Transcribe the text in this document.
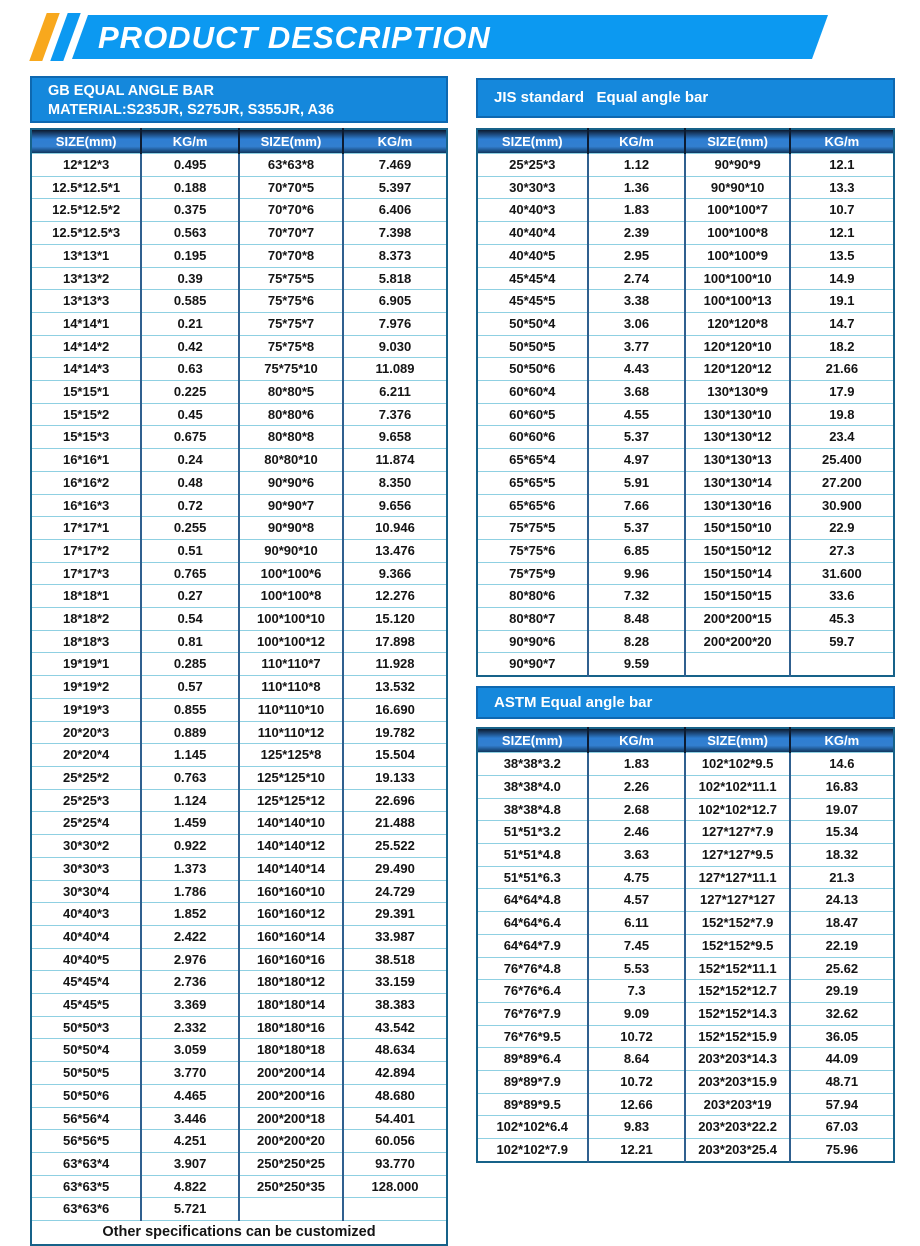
PRODUCT DESCRIPTION
GB EQUAL ANGLE BAR
MATERIAL:S235JR, S275JR, S355JR, A36
SIZE(mm)	KG/m	SIZE(mm)	KG/m
12*12*3	0.495	63*63*8	7.469
12.5*12.5*1	0.188	70*70*5	5.397
12.5*12.5*2	0.375	70*70*6	6.406
12.5*12.5*3	0.563	70*70*7	7.398
13*13*1	0.195	70*70*8	8.373
13*13*2	0.39	75*75*5	5.818
13*13*3	0.585	75*75*6	6.905
14*14*1	0.21	75*75*7	7.976
14*14*2	0.42	75*75*8	9.030
14*14*3	0.63	75*75*10	11.089
15*15*1	0.225	80*80*5	6.211
15*15*2	0.45	80*80*6	7.376
15*15*3	0.675	80*80*8	9.658
16*16*1	0.24	80*80*10	11.874
16*16*2	0.48	90*90*6	8.350
16*16*3	0.72	90*90*7	9.656
17*17*1	0.255	90*90*8	10.946
17*17*2	0.51	90*90*10	13.476
17*17*3	0.765	100*100*6	9.366
18*18*1	0.27	100*100*8	12.276
18*18*2	0.54	100*100*10	15.120
18*18*3	0.81	100*100*12	17.898
19*19*1	0.285	110*110*7	11.928
19*19*2	0.57	110*110*8	13.532
19*19*3	0.855	110*110*10	16.690
20*20*3	0.889	110*110*12	19.782
20*20*4	1.145	125*125*8	15.504
25*25*2	0.763	125*125*10	19.133
25*25*3	1.124	125*125*12	22.696
25*25*4	1.459	140*140*10	21.488
30*30*2	0.922	140*140*12	25.522
30*30*3	1.373	140*140*14	29.490
30*30*4	1.786	160*160*10	24.729
40*40*3	1.852	160*160*12	29.391
40*40*4	2.422	160*160*14	33.987
40*40*5	2.976	160*160*16	38.518
45*45*4	2.736	180*180*12	33.159
45*45*5	3.369	180*180*14	38.383
50*50*3	2.332	180*180*16	43.542
50*50*4	3.059	180*180*18	48.634
50*50*5	3.770	200*200*14	42.894
50*50*6	4.465	200*200*16	48.680
56*56*4	3.446	200*200*18	54.401
56*56*5	4.251	200*200*20	60.056
63*63*4	3.907	250*250*25	93.770
63*63*5	4.822	250*250*35	128.000
63*63*6	5.721		
Other specifications can be customized			
JIS standard   Equal angle bar
SIZE(mm)	KG/m	SIZE(mm)	KG/m
25*25*3	1.12	90*90*9	12.1
30*30*3	1.36	90*90*10	13.3
40*40*3	1.83	100*100*7	10.7
40*40*4	2.39	100*100*8	12.1
40*40*5	2.95	100*100*9	13.5
45*45*4	2.74	100*100*10	14.9
45*45*5	3.38	100*100*13	19.1
50*50*4	3.06	120*120*8	14.7
50*50*5	3.77	120*120*10	18.2
50*50*6	4.43	120*120*12	21.66
60*60*4	3.68	130*130*9	17.9
60*60*5	4.55	130*130*10	19.8
60*60*6	5.37	130*130*12	23.4
65*65*4	4.97	130*130*13	25.400
65*65*5	5.91	130*130*14	27.200
65*65*6	7.66	130*130*16	30.900
75*75*5	5.37	150*150*10	22.9
75*75*6	6.85	150*150*12	27.3
75*75*9	9.96	150*150*14	31.600
80*80*6	7.32	150*150*15	33.6
80*80*7	8.48	200*200*15	45.3
90*90*6	8.28	200*200*20	59.7
90*90*7	9.59		
ASTM Equal angle bar
SIZE(mm)	KG/m	SIZE(mm)	KG/m
38*38*3.2	1.83	102*102*9.5	14.6
38*38*4.0	2.26	102*102*11.1	16.83
38*38*4.8	2.68	102*102*12.7	19.07
51*51*3.2	2.46	127*127*7.9	15.34
51*51*4.8	3.63	127*127*9.5	18.32
51*51*6.3	4.75	127*127*11.1	21.3
64*64*4.8	4.57	127*127*127	24.13
64*64*6.4	6.11	152*152*7.9	18.47
64*64*7.9	7.45	152*152*9.5	22.19
76*76*4.8	5.53	152*152*11.1	25.62
76*76*6.4	7.3	152*152*12.7	29.19
76*76*7.9	9.09	152*152*14.3	32.62
76*76*9.5	10.72	152*152*15.9	36.05
89*89*6.4	8.64	203*203*14.3	44.09
89*89*7.9	10.72	203*203*15.9	48.71
89*89*9.5	12.66	203*203*19	57.94
102*102*6.4	9.83	203*203*22.2	67.03
102*102*7.9	12.21	203*203*25.4	75.96
